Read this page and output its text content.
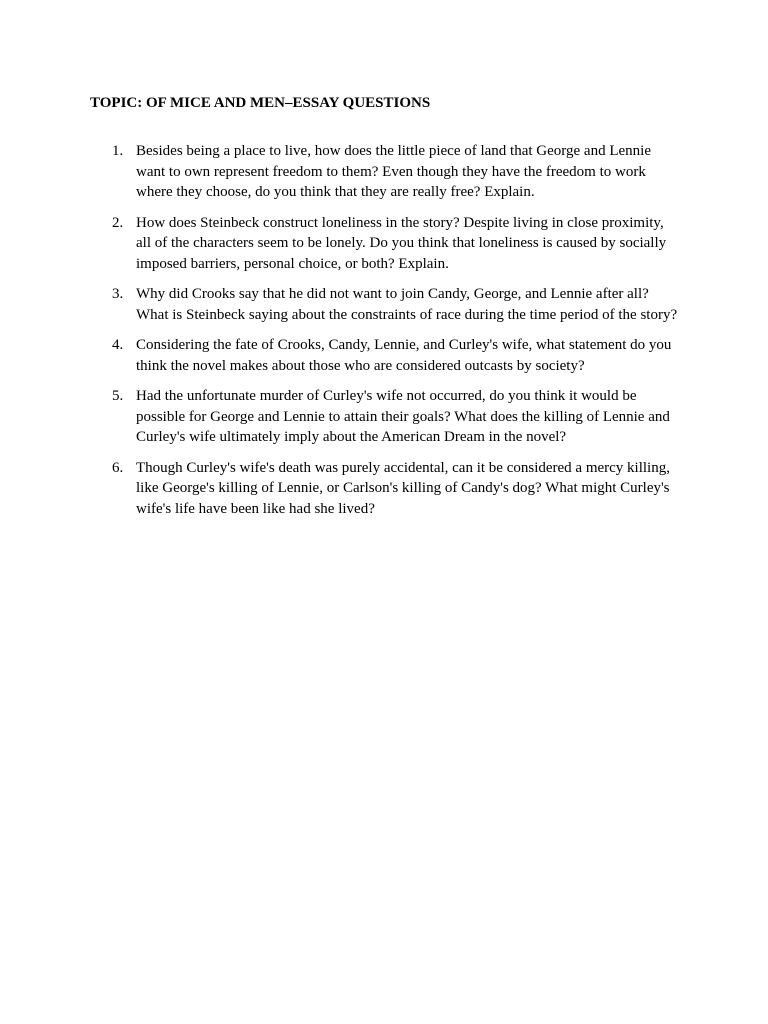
TOPIC: OF MICE AND MEN–ESSAY QUESTIONS
1. Besides being a place to live, how does the little piece of land that George and Lennie want to own represent freedom to them? Even though they have the freedom to work where they choose, do you think that they are really free? Explain.
2. How does Steinbeck construct loneliness in the story? Despite living in close proximity, all of the characters seem to be lonely. Do you think that loneliness is caused by socially imposed barriers, personal choice, or both? Explain.
3. Why did Crooks say that he did not want to join Candy, George, and Lennie after all? What is Steinbeck saying about the constraints of race during the time period of the story?
4. Considering the fate of Crooks, Candy, Lennie, and Curley's wife, what statement do you think the novel makes about those who are considered outcasts by society?
5. Had the unfortunate murder of Curley's wife not occurred, do you think it would be possible for George and Lennie to attain their goals? What does the killing of Lennie and Curley's wife ultimately imply about the American Dream in the novel?
6. Though Curley's wife's death was purely accidental, can it be considered a mercy killing, like George's killing of Lennie, or Carlson's killing of Candy's dog? What might Curley's wife's life have been like had she lived?
